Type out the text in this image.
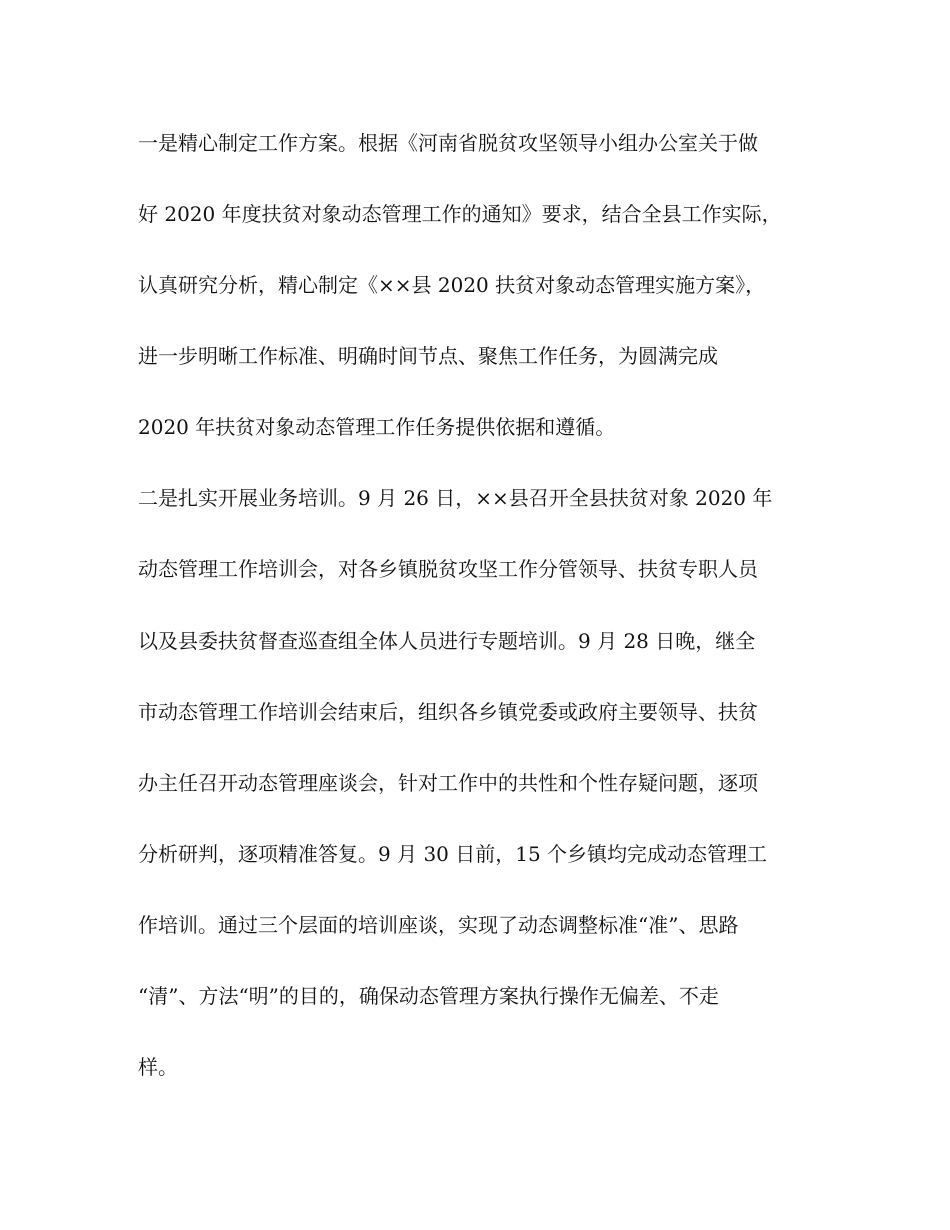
一是精心制定工作方案。根据《河南省脱贫攻坚领导小组办公室关于做

好 2020 年度扶贫对象动态管理工作的通知》要求，结合全县工作实际，

认真研究分析，精心制定《××县 2020 扶贫对象动态管理实施方案》，

进一步明晰工作标准、明确时间节点、聚焦工作任务，为圆满完成

2020 年扶贫对象动态管理工作任务提供依据和遵循。

二是扎实开展业务培训。9 月 26 日，××县召开全县扶贫对象 2020 年

动态管理工作培训会，对各乡镇脱贫攻坚工作分管领导、扶贫专职人员

以及县委扶贫督查巡查组全体人员进行专题培训。9 月 28 日晚，继全

市动态管理工作培训会结束后，组织各乡镇党委或政府主要领导、扶贫

办主任召开动态管理座谈会，针对工作中的共性和个性存疑问题，逐项

分析研判，逐项精准答复。9 月 30 日前，15 个乡镇均完成动态管理工

作培训。通过三个层面的培训座谈，实现了动态调整标准“准”、思路

“清”、方法“明”的目的，确保动态管理方案执行操作无偏差、不走

样。
